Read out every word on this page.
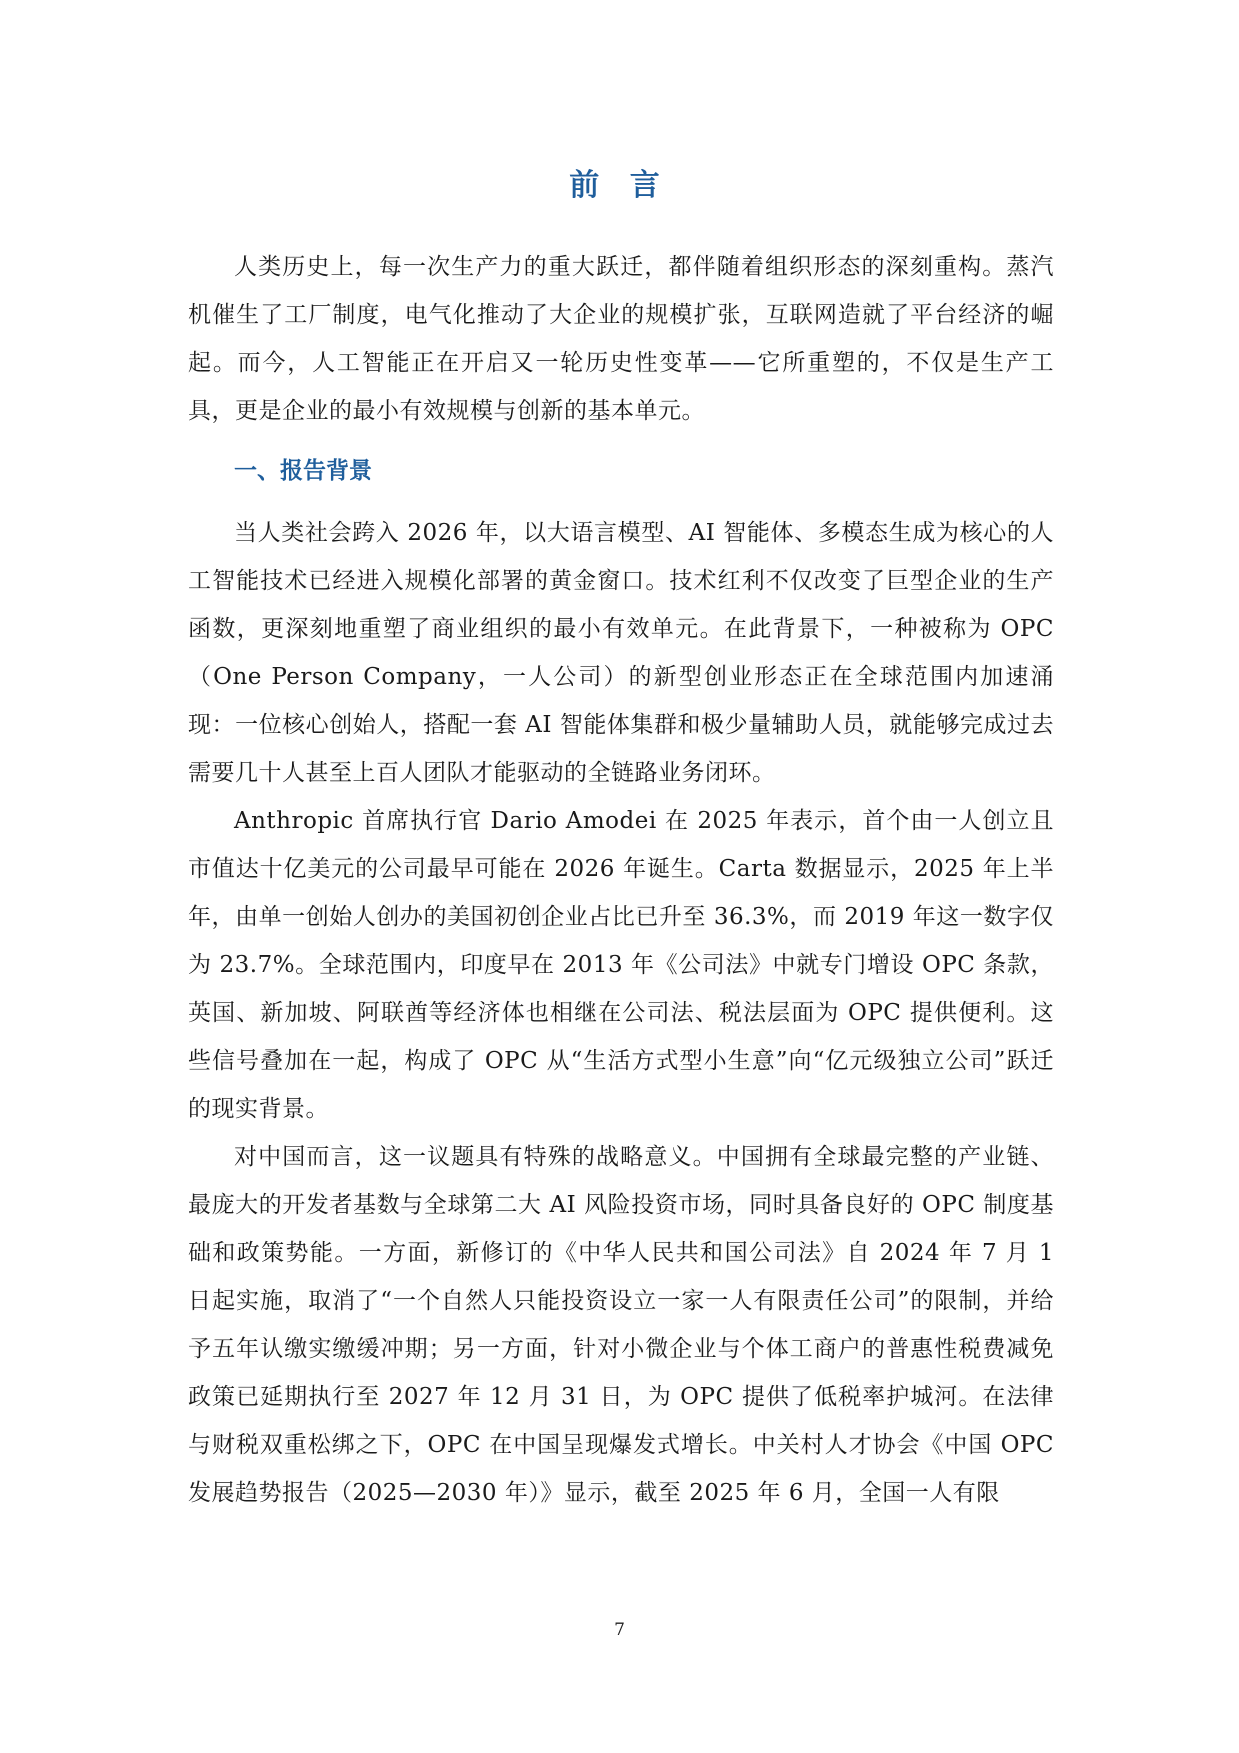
前 言

人类历史上，每一次生产力的重大跃迁，都伴随着组织形态的深刻重构。蒸汽机催生了工厂制度，电气化推动了大企业的规模扩张，互联网造就了平台经济的崛起。而今，人工智能正在开启又一轮历史性变革——它所重塑的，不仅是生产工具，更是企业的最小有效规模与创新的基本单元。

一、报告背景

当人类社会跨入 2026 年，以大语言模型、AI 智能体、多模态生成为核心的人工智能技术已经进入规模化部署的黄金窗口。技术红利不仅改变了巨型企业的生产函数，更深刻地重塑了商业组织的最小有效单元。在此背景下，一种被称为 OPC（One Person Company，一人公司）的新型创业形态正在全球范围内加速涌现：一位核心创始人，搭配一套 AI 智能体集群和极少量辅助人员，就能够完成过去需要几十人甚至上百人团队才能驱动的全链路业务闭环。

Anthropic 首席执行官 Dario Amodei 在 2025 年表示，首个由一人创立且市值达十亿美元的公司最早可能在 2026 年诞生。Carta 数据显示，2025 年上半年，由单一创始人创办的美国初创企业占比已升至 36.3%，而 2019 年这一数字仅为 23.7%。全球范围内，印度早在 2013 年《公司法》中就专门增设 OPC 条款，英国、新加坡、阿联酋等经济体也相继在公司法、税法层面为 OPC 提供便利。这些信号叠加在一起，构成了 OPC 从“生活方式型小生意”向“亿元级独立公司”跃迁的现实背景。

对中国而言，这一议题具有特殊的战略意义。中国拥有全球最完整的产业链、最庞大的开发者基数与全球第二大 AI 风险投资市场，同时具备良好的 OPC 制度基础和政策势能。一方面，新修订的《中华人民共和国公司法》自 2024 年 7 月 1 日起实施，取消了“一个自然人只能投资设立一家一人有限责任公司”的限制，并给予五年认缴实缴缓冲期；另一方面，针对小微企业与个体工商户的普惠性税费减免政策已延期执行至 2027 年 12 月 31 日，为 OPC 提供了低税率护城河。在法律与财税双重松绑之下，OPC 在中国呈现爆发式增长。中关村人才协会《中国 OPC 发展趋势报告（2025—2030 年）》显示，截至 2025 年 6 月，全国一人有限

7
